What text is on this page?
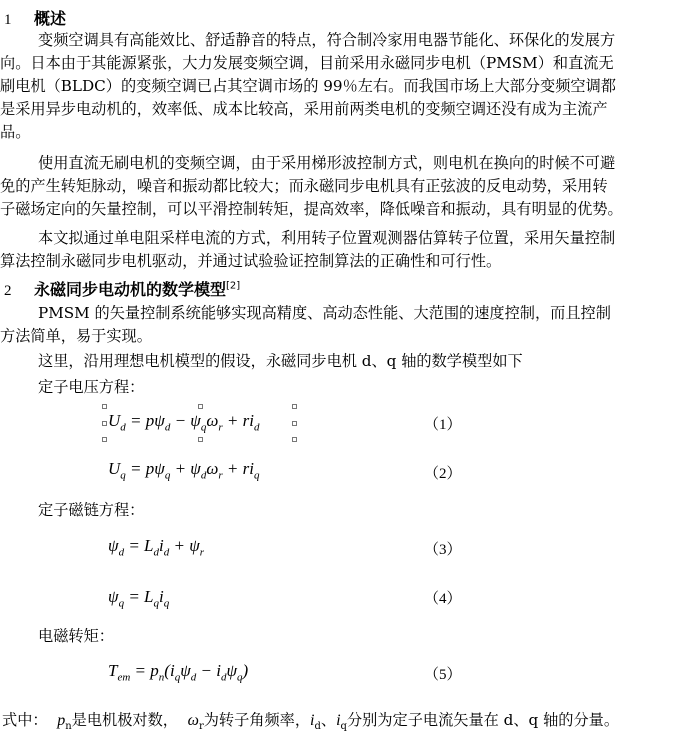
1 概述
变频空调具有高能效比、舒适静音的特点，符合制冷家用电器节能化、环保化的发展方
向。日本由于其能源紧张，大力发展变频空调，目前采用永磁同步电机（PMSM）和直流无
刷电机（BLDC）的变频空调已占其空调市场的 99％左右。而我国市场上大部分变频空调都
是采用异步电动机的，效率低、成本比较高，采用前两类电机的变频空调还没有成为主流产
品。
使用直流无刷电机的变频空调，由于采用梯形波控制方式，则电机在换向的时候不可避
免的产生转矩脉动，噪音和振动都比较大；而永磁同步电机具有正弦波的反电动势，采用转
子磁场定向的矢量控制，可以平滑控制转矩，提高效率，降低噪音和振动，具有明显的优势。
本文拟通过单电阻采样电流的方式，利用转子位置观测器估算转子位置，采用矢量控制
算法控制永磁同步电机驱动，并通过试验验证控制算法的正确性和可行性。
2 永磁同步电动机的数学模型[2]
PMSM 的矢量控制系统能够实现高精度、高动态性能、大范围的速度控制，而且控制
方法简单，易于实现。
这里，沿用理想电机模型的假设，永磁同步电机 d、q 轴的数学模型如下
定子电压方程：
$U_d = p\psi_d - \psi_q\omega_r + ri_d$	（1）
$U_q = p\psi_q + \psi_d\omega_r + ri_q$	（2）
定子磁链方程：
$\psi_d = L_di_d + \psi_r$	（3）
$\psi_q = L_qi_q$	（4）
电磁转矩：
$T_{em} = p_n(i_q\psi_d - i_d\psi_q)$	（5）
式中： $p_n$是电机极对数， $\omega_r$为转子角频率，$i_d$、$i_q$分别为定子电流矢量在 d、q 轴的分量。
